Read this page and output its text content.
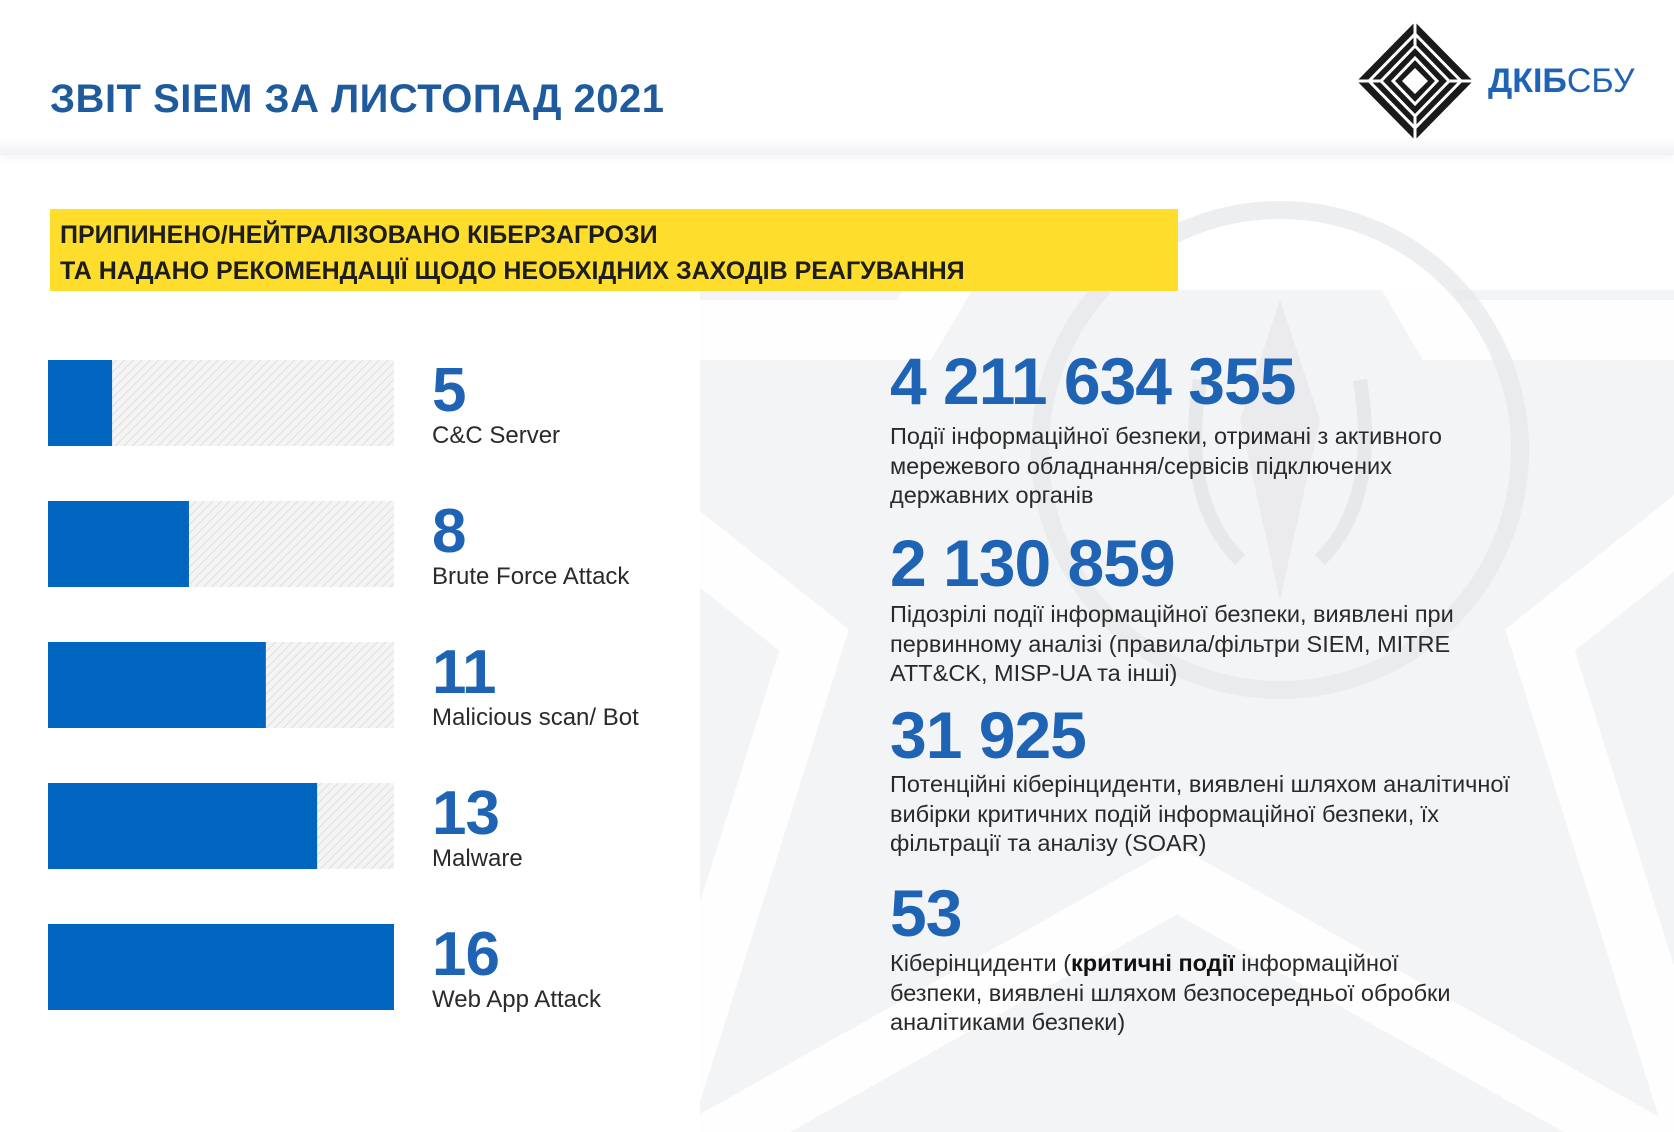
ЗВІТ SIEM ЗА ЛИСТОПАД 2021	ДКІБСБУ
ПРИПИНЕНО/НЕЙТРАЛІЗОВАНО КІБЕРЗАГРОЗИ
ТА НАДАНО РЕКОМЕНДАЦІЇ ЩОДО НЕОБХІДНИХ ЗАХОДІВ РЕАГУВАННЯ
5
C&C Server
8
Brute Force Attack
11
Malicious scan/ Bot
13
Malware
16
Web App Attack
4 211 634 355
Події інформаційної безпеки, отримані з активного
мережевого обладнання/сервісів підключених
державних органів
2 130 859
Підозрілі події інформаційної безпеки, виявлені при
первинному аналізі (правила/фільтри SIEM, MITRE
ATT&CK, MISP-UA та інші)
31 925
Потенційні кіберінциденти, виявлені шляхом аналітичної
вибірки критичних подій інформаційної безпеки, їх
фільтрації та аналізу (SOAR)
53
Кіберінциденти (критичні події інформаційної
безпеки, виявлені шляхом безпосередньої обробки
аналітиками безпеки)
